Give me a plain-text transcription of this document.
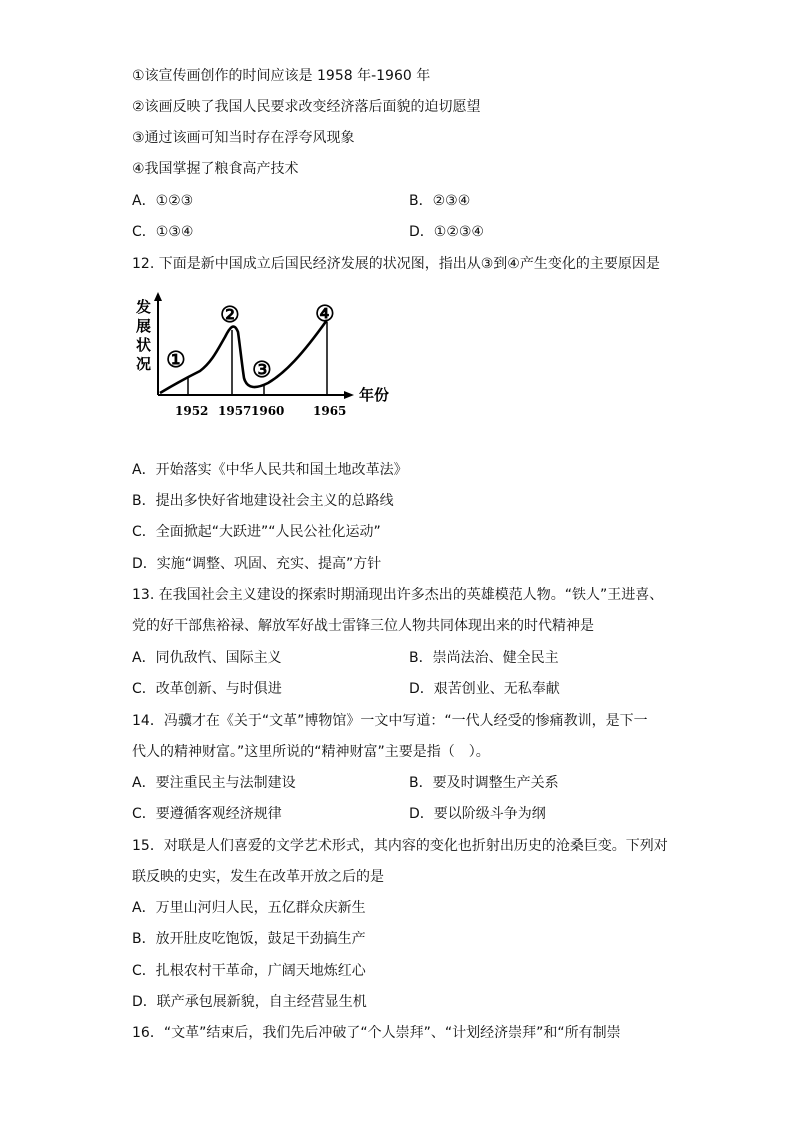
①该宣传画创作的时间应该是 1958 年-1960 年
②该画反映了我国人民要求改变经济落后面貌的迫切愿望
③通过该画可知当时存在浮夸风现象
④我国掌握了粮食高产技术
A．①②③	B．②③④
C．①③④	D．①②③④
12. 下面是新中国成立后国民经济发展的状况图，指出从③到④产生变化的主要原因是
发
展
状
况 ①
②
③
④
1952 1957 1960 1965
年份
A．开始落实《中华人民共和国土地改革法》
B．提出多快好省地建设社会主义的总路线
C．全面掀起“大跃进”“人民公社化运动”
D．实施“调整、巩固、充实、提高”方针
13. 在我国社会主义建设的探索时期涌现出许多杰出的英雄模范人物。“铁人”王进喜、
党的好干部焦裕禄、解放军好战士雷锋三位人物共同体现出来的时代精神是
A．同仇敌忾、国际主义	B．崇尚法治、健全民主
C．改革创新、与时俱进	D．艰苦创业、无私奉献
14．冯骥才在《关于“文革”博物馆》一文中写道：“一代人经受的惨痛教训，是下一
代人的精神财富。”这里所说的“精神财富”主要是指（　）。
A．要注重民主与法制建设	B．要及时调整生产关系
C．要遵循客观经济规律	D．要以阶级斗争为纲
15．对联是人们喜爱的文学艺术形式，其内容的变化也折射出历史的沧桑巨变。下列对
联反映的史实，发生在改革开放之后的是
A．万里山河归人民，五亿群众庆新生
B．放开肚皮吃饱饭，鼓足干劲搞生产
C．扎根农村干革命，广阔天地炼红心
D．联产承包展新貌，自主经营显生机
16．“文革”结束后，我们先后冲破了“个人崇拜”、“计划经济崇拜”和“所有制崇
